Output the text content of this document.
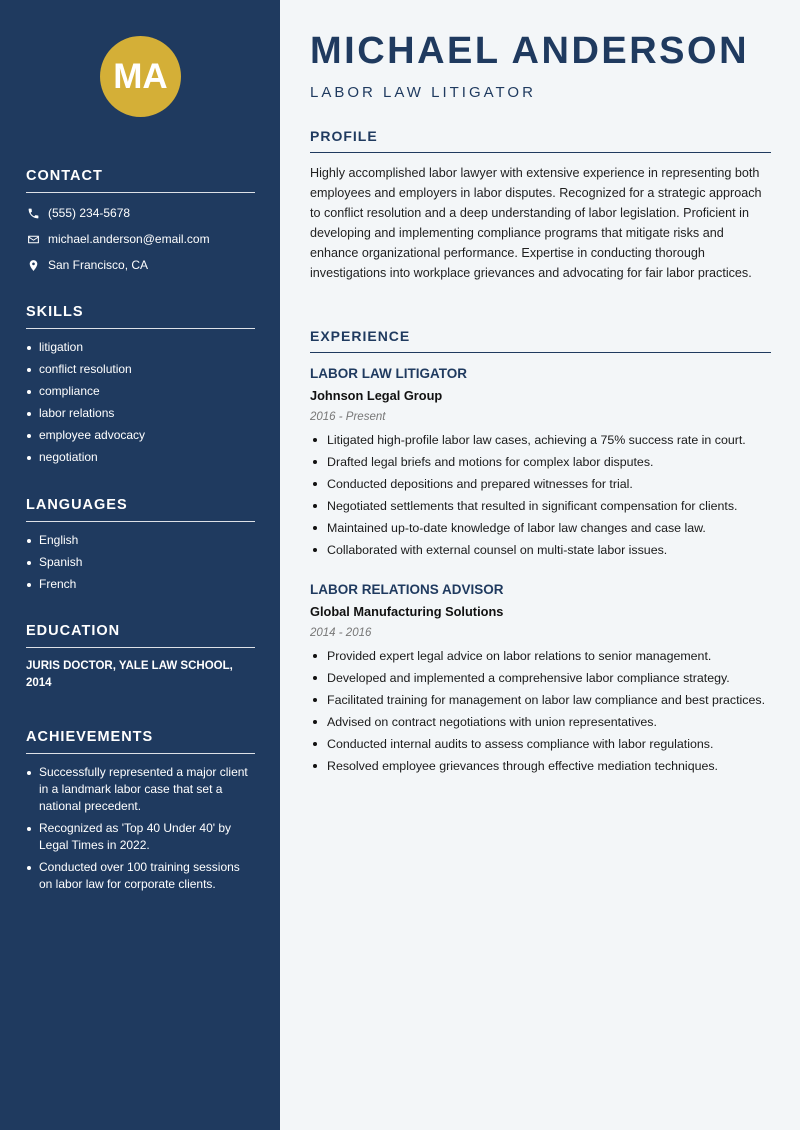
MA
CONTACT
(555) 234-5678
michael.anderson@email.com
San Francisco, CA
SKILLS
litigation
conflict resolution
compliance
labor relations
employee advocacy
negotiation
LANGUAGES
English
Spanish
French
EDUCATION
JURIS DOCTOR, YALE LAW SCHOOL, 2014
ACHIEVEMENTS
Successfully represented a major client in a landmark labor case that set a national precedent.
Recognized as 'Top 40 Under 40' by Legal Times in 2022.
Conducted over 100 training sessions on labor law for corporate clients.
MICHAEL ANDERSON
LABOR LAW LITIGATOR
PROFILE
Highly accomplished labor lawyer with extensive experience in representing both employees and employers in labor disputes. Recognized for a strategic approach to conflict resolution and a deep understanding of labor legislation. Proficient in developing and implementing compliance programs that mitigate risks and enhance organizational performance. Expertise in conducting thorough investigations into workplace grievances and advocating for fair labor practices.
EXPERIENCE
LABOR LAW LITIGATOR
Johnson Legal Group
2016 - Present
Litigated high-profile labor law cases, achieving a 75% success rate in court.
Drafted legal briefs and motions for complex labor disputes.
Conducted depositions and prepared witnesses for trial.
Negotiated settlements that resulted in significant compensation for clients.
Maintained up-to-date knowledge of labor law changes and case law.
Collaborated with external counsel on multi-state labor issues.
LABOR RELATIONS ADVISOR
Global Manufacturing Solutions
2014 - 2016
Provided expert legal advice on labor relations to senior management.
Developed and implemented a comprehensive labor compliance strategy.
Facilitated training for management on labor law compliance and best practices.
Advised on contract negotiations with union representatives.
Conducted internal audits to assess compliance with labor regulations.
Resolved employee grievances through effective mediation techniques.
